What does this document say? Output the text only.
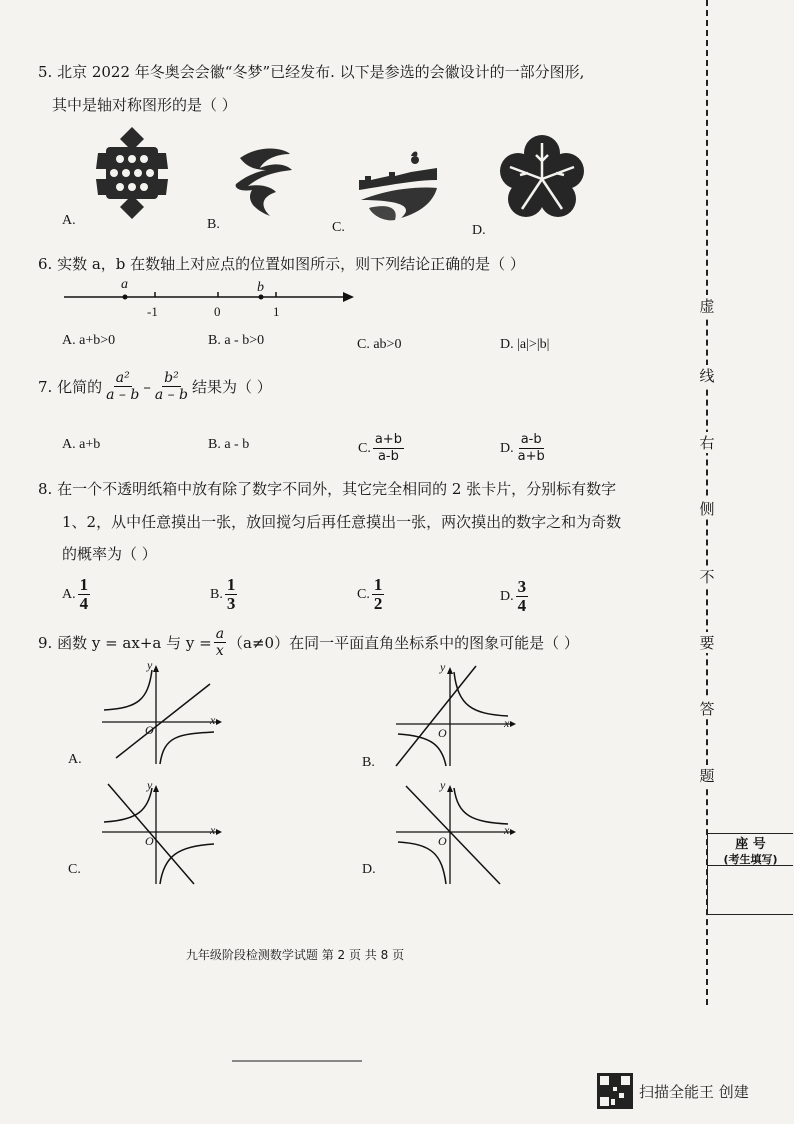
5. 北京 2022 年冬奥会会徽“冬梦”已经发布. 以下是参选的会徽设计的一部分图形,
其中是轴对称图形的是（ ）
A.	B.	C.	D.
6. 实数 a，b 在数轴上对应点的位置如图所示，则下列结论正确的是（ ）
a	b
-1	0	1
A. a+b>0	B. a - b>0	C. ab>0	D. |a|>|b|
7. 化简的 $\frac{\text{a²}}{a - b} - \frac{\text{b²}}{a - b}$ 结果为（ ）
A. a+b	B. a - b	C. $\frac{a+b}{a-b}$	D. $\frac{a-b}{a+b}$
8. 在一个不透明纸箱中放有除了数字不同外，其它完全相同的 2 张卡片，分别标有数字
1、2，从中任意摸出一张，放回搅匀后再任意摸出一张，两次摸出的数字之和为奇数
的概率为（ ）
A. $\frac{1}{4}$	B. $\frac{1}{3}$	C. $\frac{1}{2}$	D. $\frac{3}{4}$
9. 函数 y = ax+a 与 $y = \frac{a}{x} (a\ne 0)$在同一平面直角坐标系中的图象可能是（ ）
y
x
O
y
x
O
y
x
O
y
x
O
A.	B.
C.	D.
九年级阶段检测数学试题 第 2 页 共 8 页
虚
线
右
侧
不
要
答
题
座 号
(考生填写)
扫描全能王 创建
